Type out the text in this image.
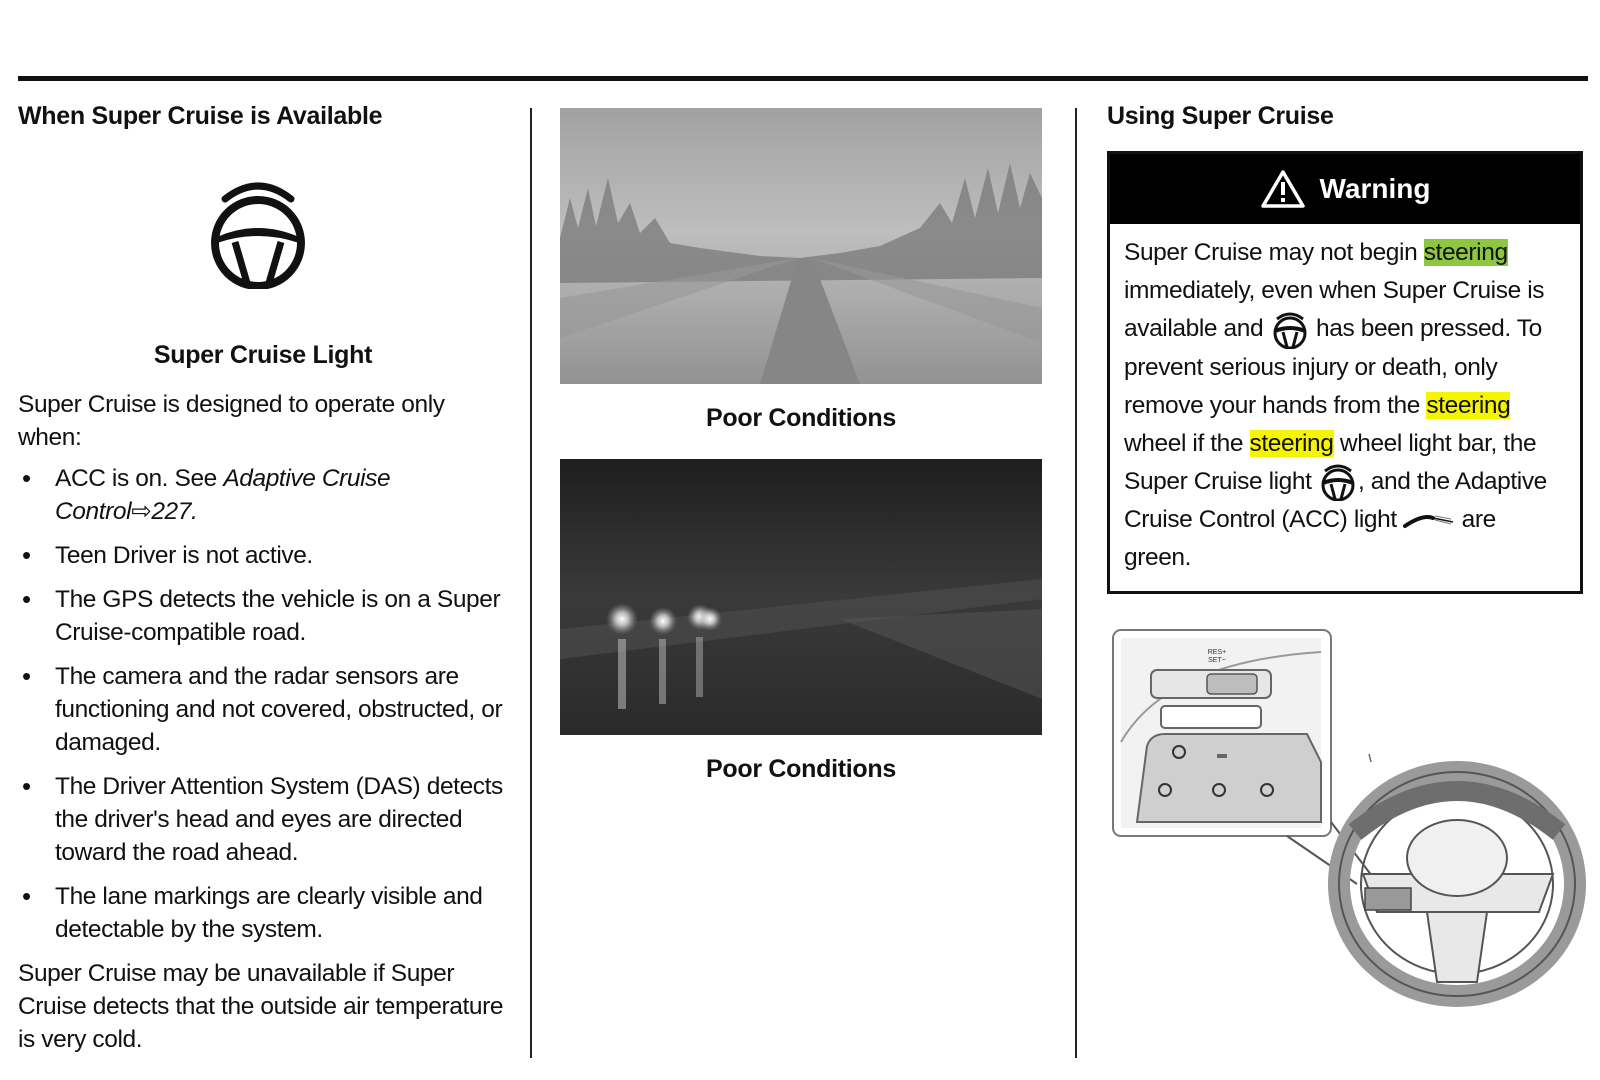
When Super Cruise is Available
Super Cruise Light

Super Cruise is designed to operate only when:

• ACC is on. See Adaptive Cruise Control⇨227.
• Teen Driver is not active.
• The GPS detects the vehicle is on a Super Cruise-compatible road.
• The camera and the radar sensors are functioning and not covered, obstructed, or damaged.
• The Driver Attention System (DAS) detects the driver's head and eyes are directed toward the road ahead.
• The lane markings are clearly visible and detectable by the system.

Super Cruise may be unavailable if Super Cruise detects that the outside air temperature is very cold.

Poor Conditions
Poor Conditions
Using Super Cruise
Warning
Super Cruise may not begin steering immediately, even when Super Cruise is available and  has been pressed. To prevent serious injury or death, only remove your hands from the steering wheel if the steering wheel light bar, the Super Cruise light , and the Adaptive Cruise Control (ACC) light  are green.
RES+
SET−
